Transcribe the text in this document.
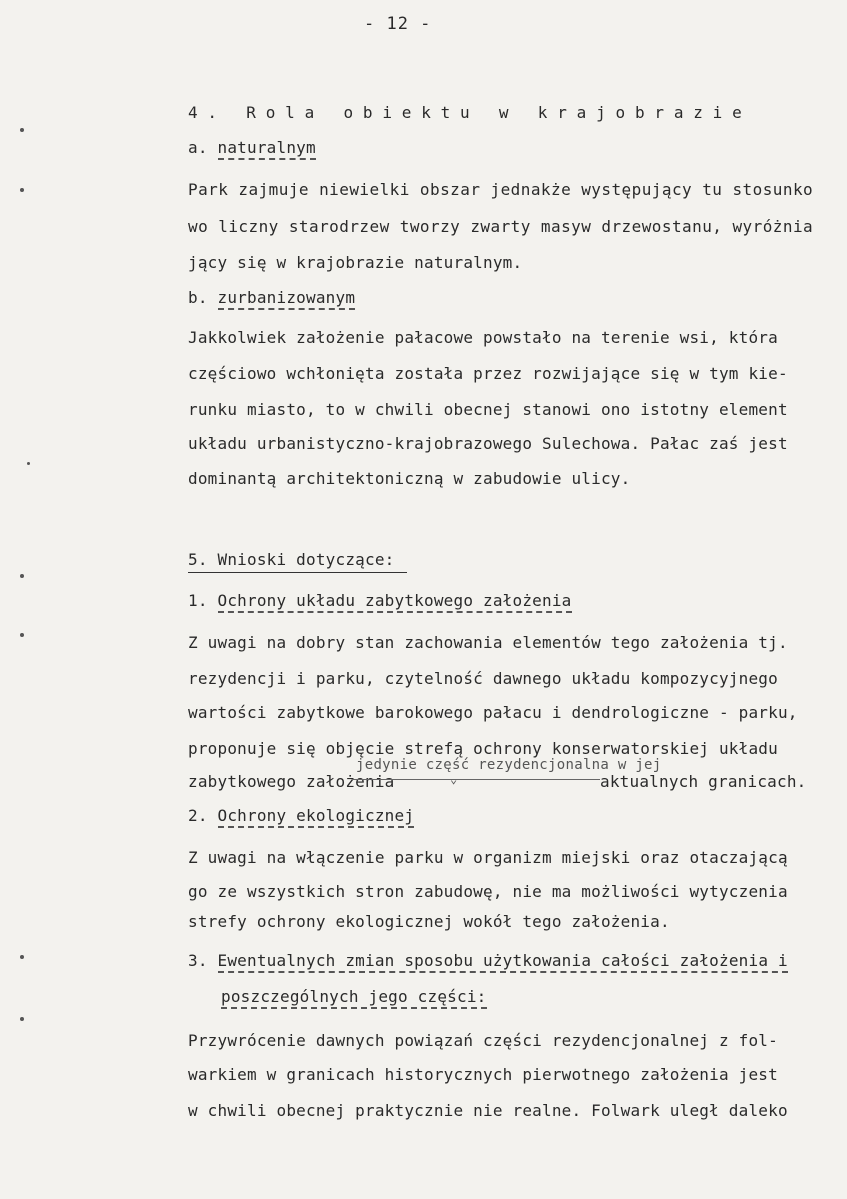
- 12 -
4. Rola obiektu w krajobrazie
a. naturalnym
Park zajmuje niewielki obszar jednakże występujący tu stosunko
wo liczny starodrzew tworzy zwarty masyw drzewostanu, wyróżnia
jący się w krajobrazie naturalnym.
b. zurbanizowanym
Jakkolwiek założenie pałacowe powstało na terenie wsi, która
częściowo wchłonięta została przez rozwijające się w tym kie-
runku miasto, to w chwili obecnej stanowi ono istotny element
układu urbanistyczno-krajobrazowego Sulechowa. Pałac zaś jest
dominantą architektoniczną w zabudowie ulicy.
5. Wnioski dotyczące:
1. Ochrony układu zabytkowego założenia
Z uwagi na dobry stan zachowania elementów tego założenia tj.
rezydencji i parku, czytelność dawnego układu kompozycyjnego
wartości zabytkowe barokowego pałacu i dendrologiczne - parku,
proponuje się objęcie strefą ochrony konserwatorskiej układu
zabytkowego założenia
jedynie część rezydencjonalna w jej
⌄	aktualnych granicach.
2. Ochrony ekologicznej
Z uwagi na włączenie parku w organizm miejski oraz otaczającą
go ze wszystkich stron zabudowę, nie ma możliwości wytyczenia
strefy ochrony ekologicznej wokół tego założenia.
3. Ewentualnych zmian sposobu użytkowania całości założenia i
poszczególnych jego części:
Przywrócenie dawnych powiązań części rezydencjonalnej z fol-
warkiem w granicach historycznych pierwotnego założenia jest
w chwili obecnej praktycznie nie realne. Folwark uległ daleko
